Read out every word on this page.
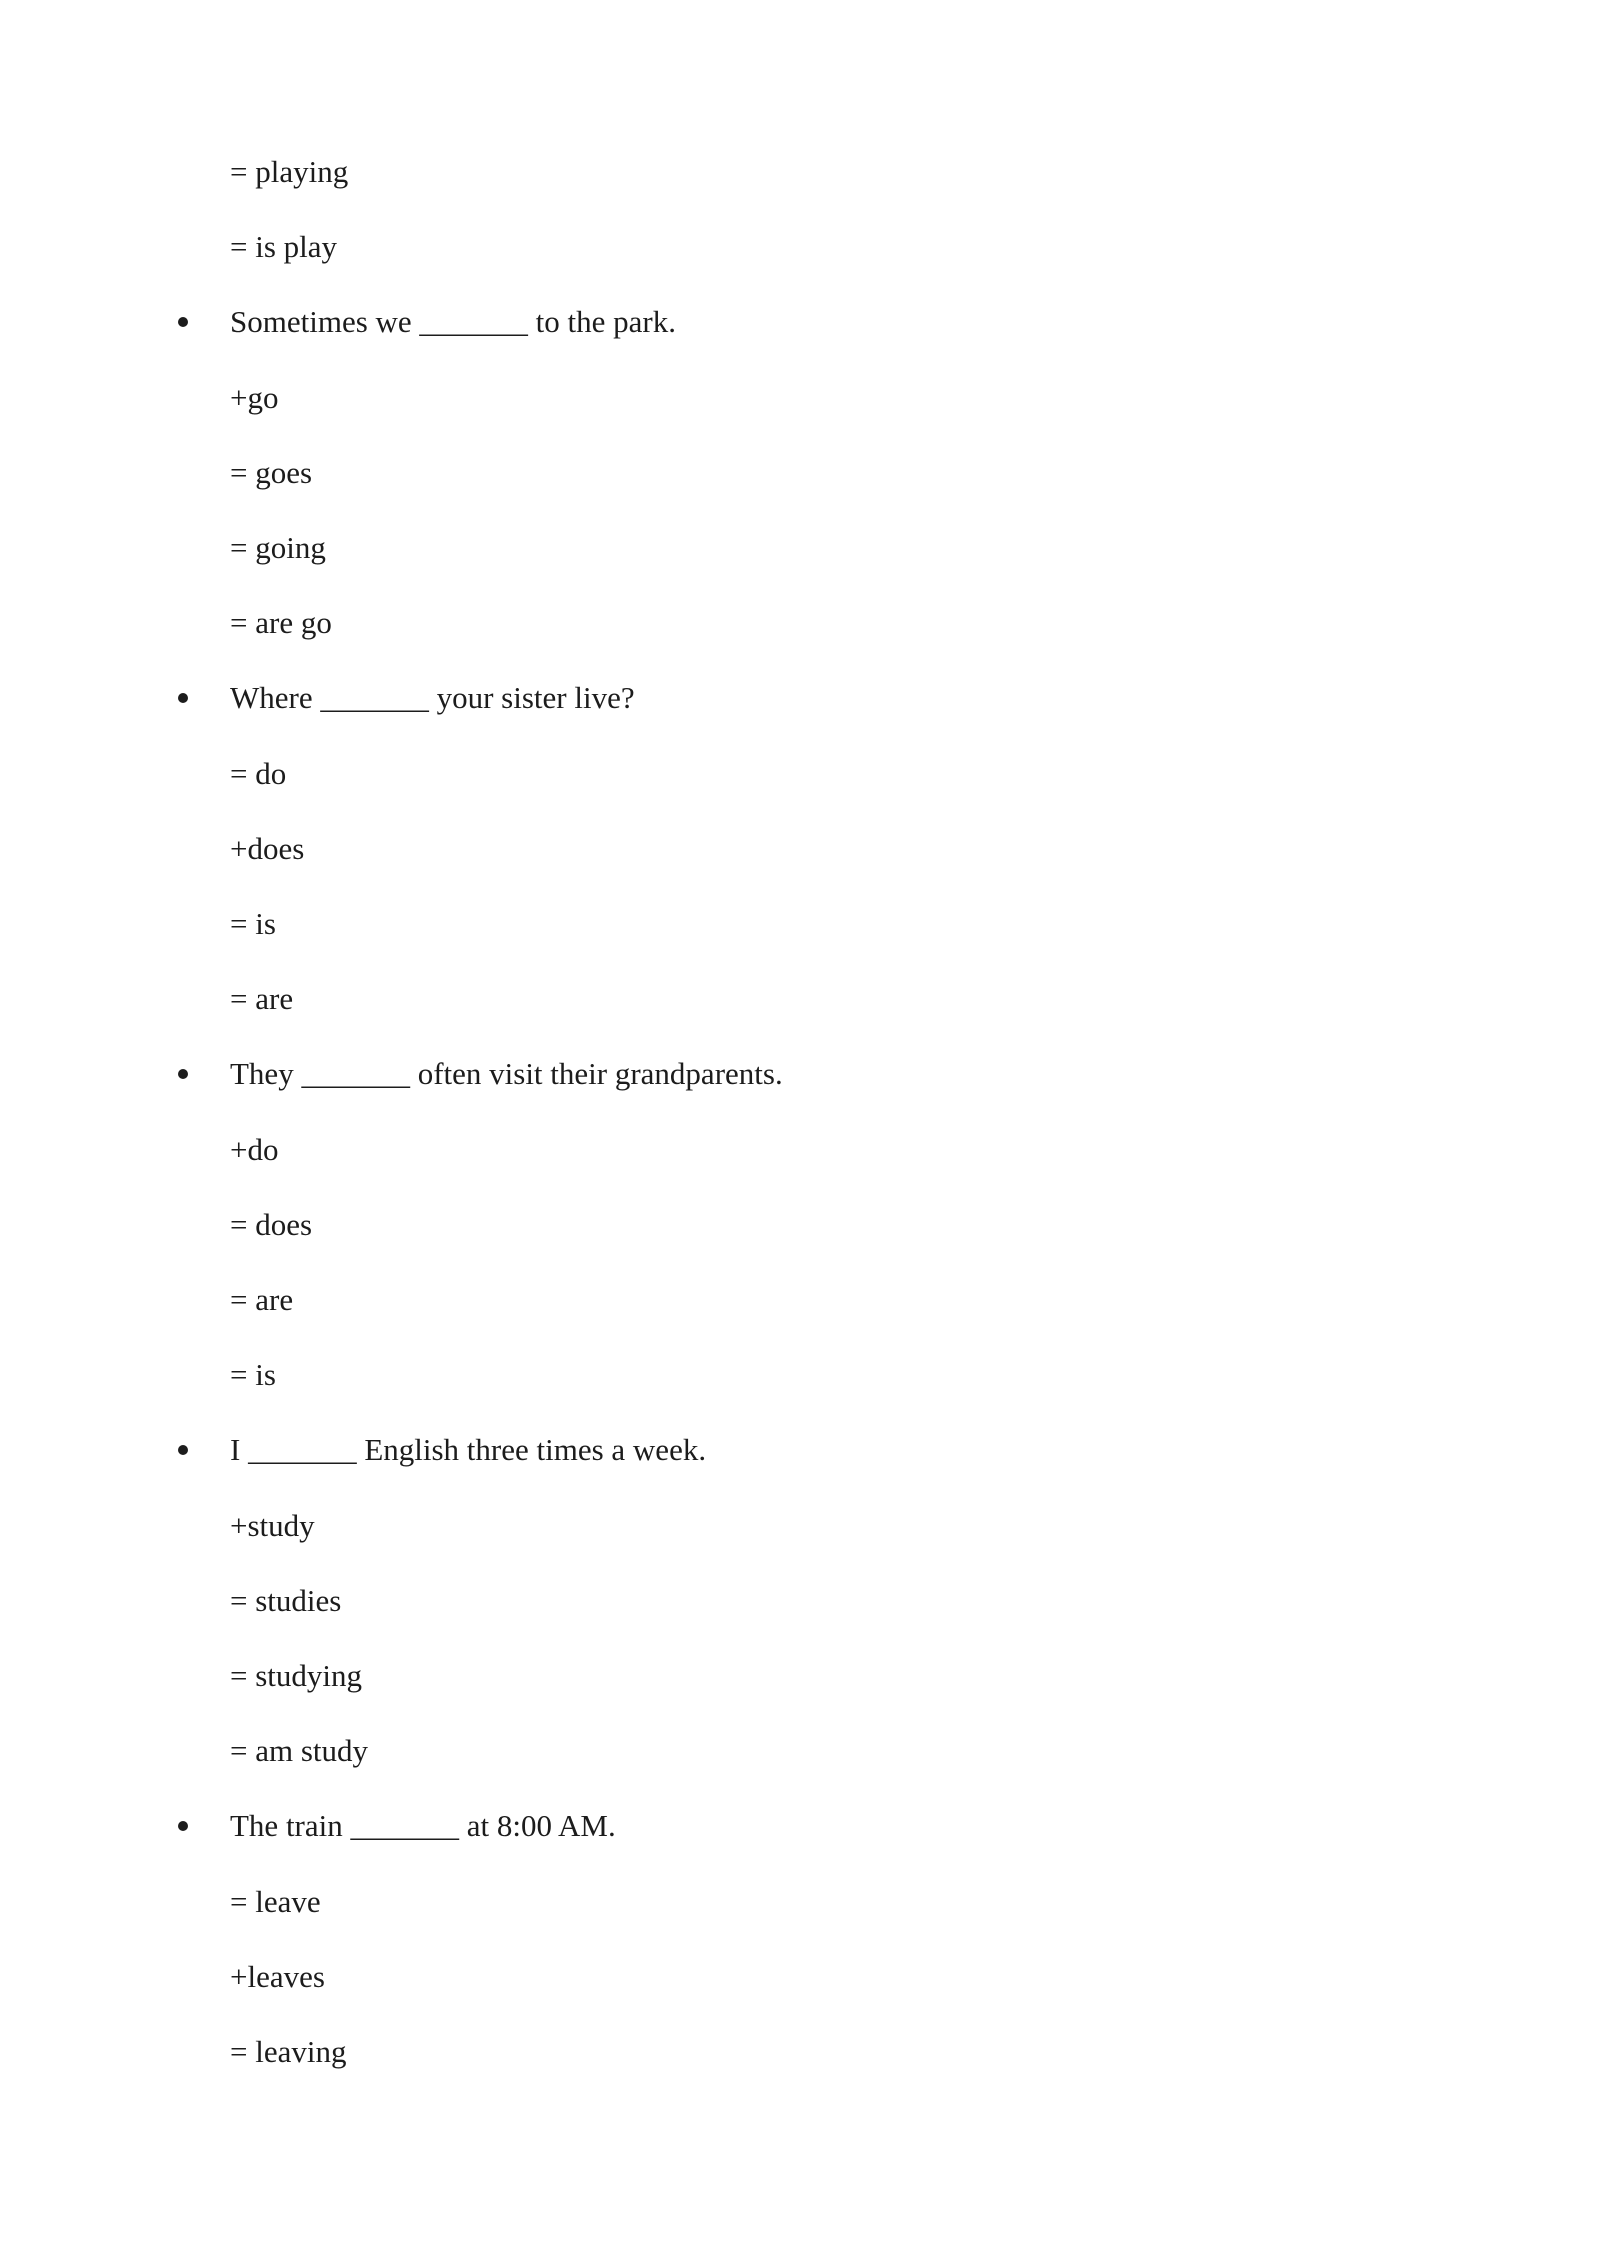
= playing
= is play
Sometimes we _______ to the park.
+go
= goes
= going
= are go
Where _______ your sister live?
= do
+does
= is
= are
They _______ often visit their grandparents.
+do
= does
= are
= is
I _______ English three times a week.
+study
= studies
= studying
= am study
The train _______ at 8:00 AM.
= leave
+leaves
= leaving
